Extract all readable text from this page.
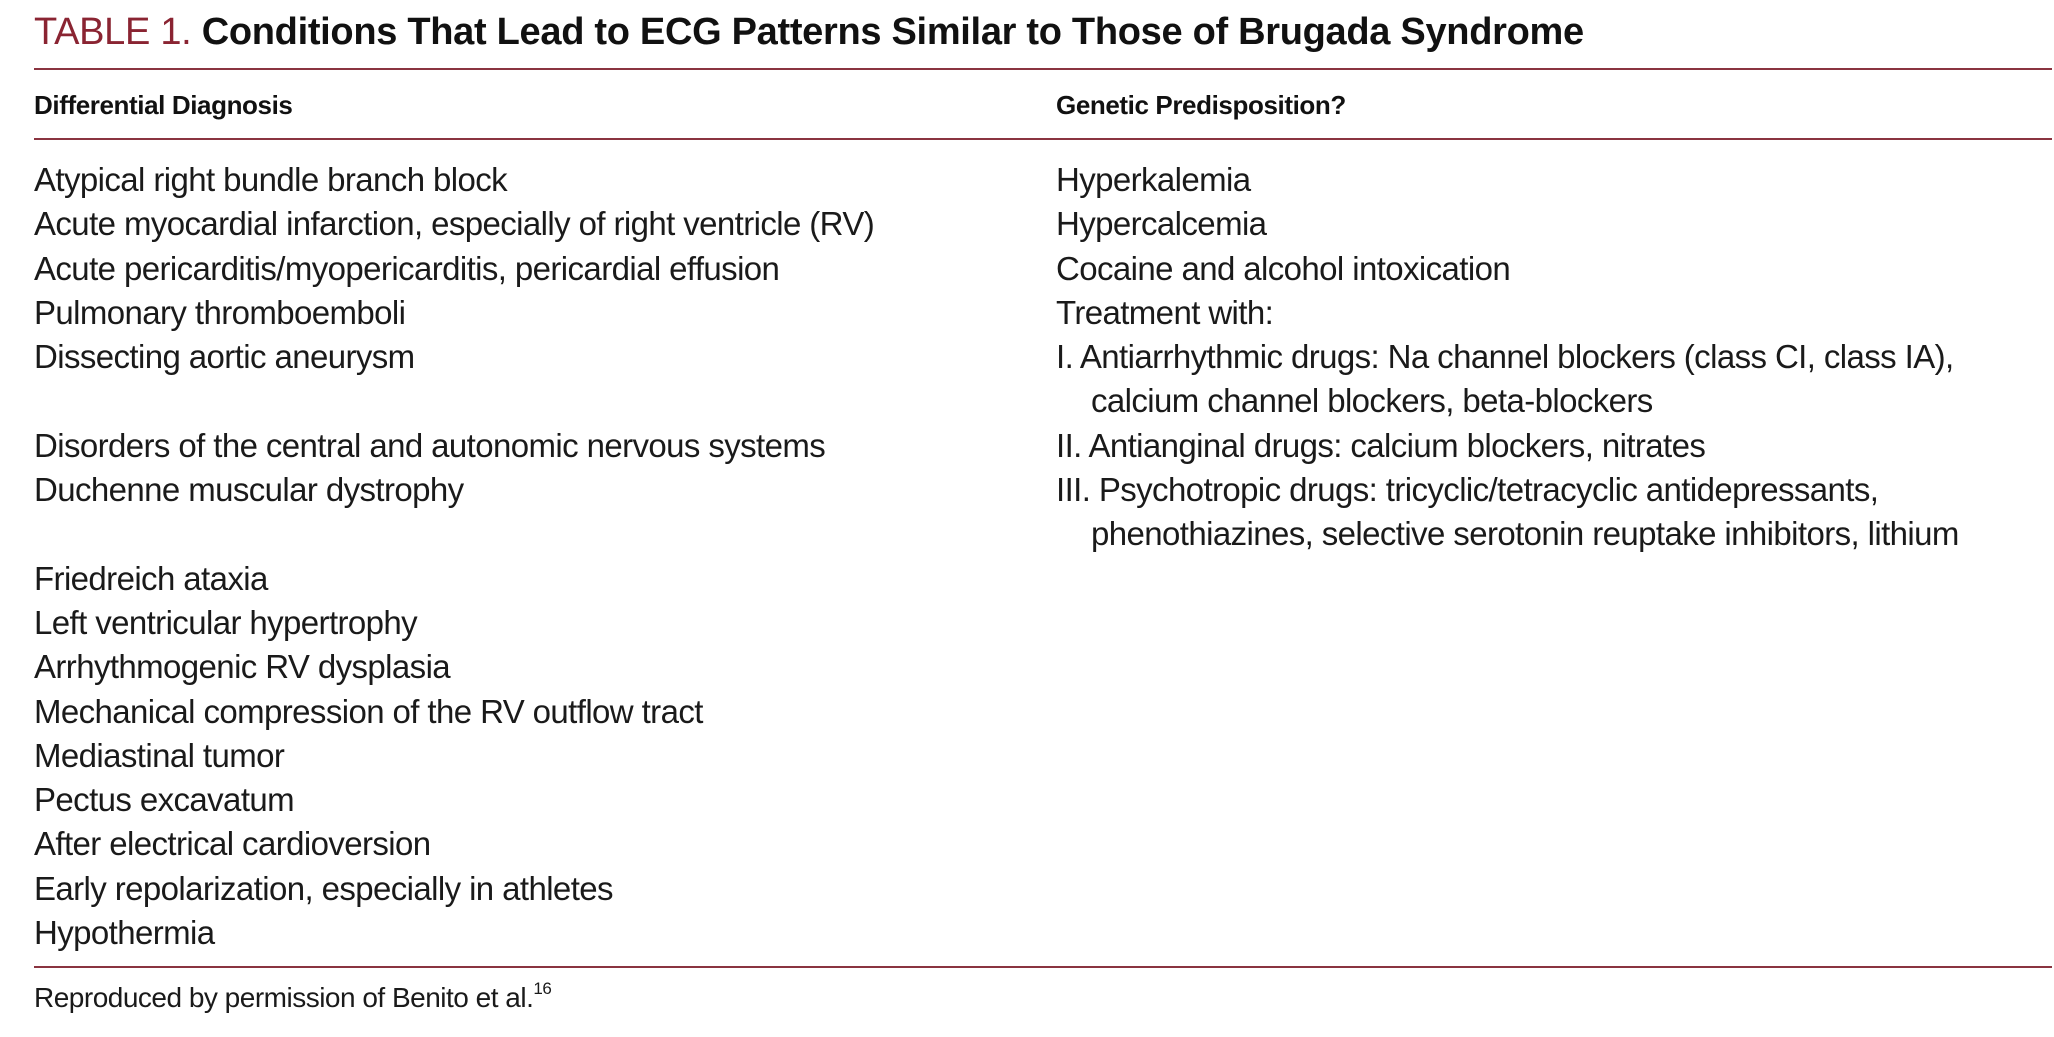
TABLE 1. Conditions That Lead to ECG Patterns Similar to Those of Brugada Syndrome
Differential Diagnosis	Genetic Predisposition?
Atypical right bundle branch block
Acute myocardial infarction, especially of right ventricle (RV)
Acute pericarditis/myopericarditis, pericardial effusion
Pulmonary thromboemboli
Dissecting aortic aneurysm
Disorders of the central and autonomic nervous systems
Duchenne muscular dystrophy
Friedreich ataxia
Left ventricular hypertrophy
Arrhythmogenic RV dysplasia
Mechanical compression of the RV outflow tract
Mediastinal tumor
Pectus excavatum
After electrical cardioversion
Early repolarization, especially in athletes
Hypothermia
Hyperkalemia
Hypercalcemia
Cocaine and alcohol intoxication
Treatment with:
I. Antiarrhythmic drugs: Na channel blockers (class CI, class IA), calcium channel blockers, beta-blockers
II. Antianginal drugs: calcium blockers, nitrates
III. Psychotropic drugs: tricyclic/tetracyclic antidepressants, phenothiazines, selective serotonin reuptake inhibitors, lithium
Reproduced by permission of Benito et al.$^{16}$
